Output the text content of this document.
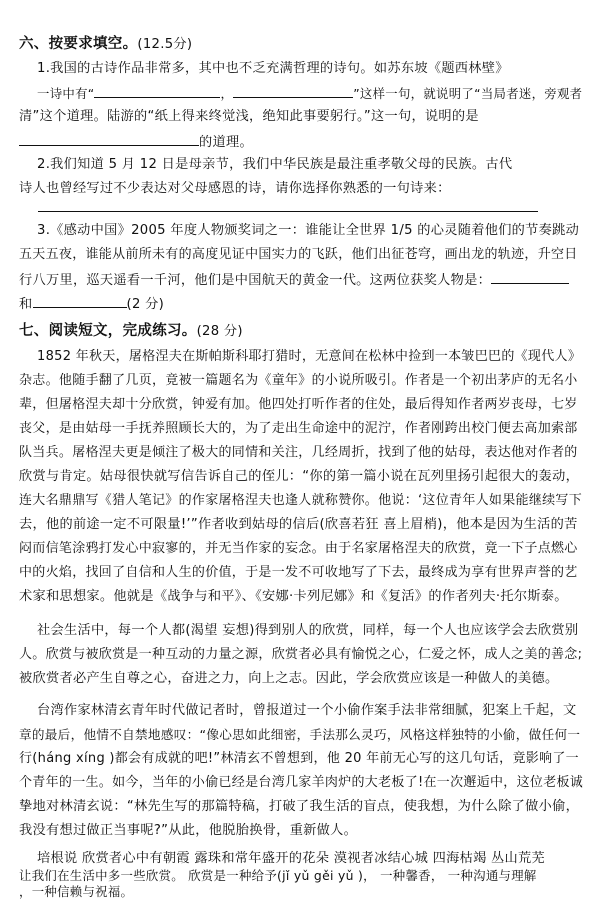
六、按要求填空。(12.5分)
1.我国的古诗作品非常多，其中也不乏充满哲理的诗句。如苏东坡《题西林壁》
一诗中有“	，	”这样一句，就说明了“当局者迷，旁观者
清”这个道理。陆游的“纸上得来终觉浅，绝知此事要躬行。”这一句，说明的是
的道理。
2.我们知道 5 月 12 日是母亲节，我们中华民族是最注重孝敬父母的民族。古代
诗人也曾经写过不少表达对父母感恩的诗，请你选择你熟悉的一句诗来：
3.《感动中国》2005 年度人物颁奖词之一：谁能让全世界 1/5 的心灵随着他们的节奏跳动
五天五夜，谁能从前所未有的高度见证中国实力的飞跃，他们出征苍穹，画出龙的轨迹，升空日
行八万里，巡天遥看一千河，他们是中国航天的黄金一代。这两位获奖人物是：
和	(2 分)
七、阅读短文，完成练习。(28 分)
1852 年秋天，屠格涅夫在斯帕斯科耶打猎时，无意间在松林中捡到一本皱巴巴的《现代人》
杂志。他随手翻了几页，竟被一篇题名为《童年》的小说所吸引。作者是一个初出茅庐的无名小
辈，但屠格涅夫却十分欣赏，钟爱有加。他四处打听作者的住处，最后得知作者两岁丧母，七岁
丧父，是由姑母一手抚养照顾长大的，为了走出生命途中的泥泞，作者刚跨出校门便去高加索部
队当兵。屠格涅夫更是倾注了极大的同情和关注，几经周折，找到了他的姑母，表达他对作者的
欣赏与肯定。姑母很快就写信告诉自己的侄儿：“你的第一篇小说在瓦列里扬引起很大的轰动，
连大名鼎鼎写《猎人笔记》的作家屠格涅夫也逢人就称赞你。他说：‘这位青年人如果能继续写下
去，他的前途一定不可限量!’”作者收到姑母的信后(欣喜若狂 喜上眉梢)，他本是因为生活的苦
闷而信笔涂鸦打发心中寂寥的，并无当作家的妄念。由于名家屠格涅夫的欣赏，竟一下子点燃心
中的火焰，找回了自信和人生的价值，于是一发不可收地写了下去，最终成为享有世界声誉的艺
术家和思想家。他就是《战争与和平》、《安娜·卡列尼娜》和《复活》的作者列夫·托尔斯泰。
社会生活中，每一个人都(渴望 妄想)得到别人的欣赏，同样，每一个人也应该学会去欣赏别
人。欣赏与被欣赏是一种互动的力量之源，欣赏者必具有愉悦之心，仁爱之怀，成人之美的善念;
被欣赏者必产生自尊之心，奋进之力，向上之志。因此，学会欣赏应该是一种做人的美德。
台湾作家林清玄青年时代做记者时，曾报道过一个小偷作案手法非常细腻，犯案上千起，文
章的最后，他情不自禁地感叹：“像心思如此细密，手法那么灵巧，风格这样独特的小偷，做任何一
行(háng xíng )都会有成就的吧!”林清玄不曾想到，他 20 年前无心写的这几句话，竟影响了一
个青年的一生。如今，当年的小偷已经是台湾几家羊肉炉的大老板了!在一次邂逅中，这位老板诚
挚地对林清玄说：“林先生写的那篇特稿，打破了我生活的盲点，使我想，为什么除了做小偷，
我没有想过做正当事呢?”从此，他脱胎换骨，重新做人。
培根说 欣赏者心中有朝霞 露珠和常年盛开的花朵 漠视者冰结心城 四海枯竭 丛山荒芜
让我们在生活中多一些欣赏。 欣赏是一种给予(jǐ yǔ gěi yǔ )， 一种馨香， 一种沟通与理解
，一种信赖与祝福。
